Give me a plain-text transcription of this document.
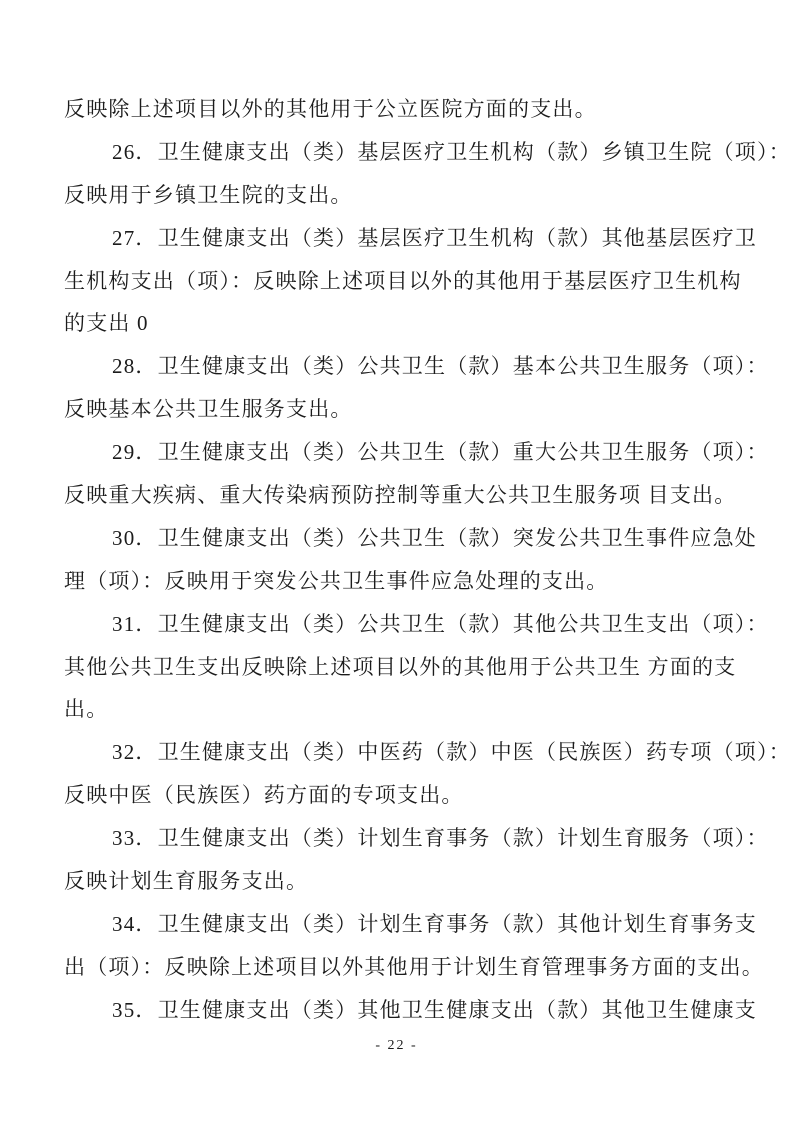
反映除上述项目以外的其他用于公立医院方面的支出。
26．卫生健康支出（类）基层医疗卫生机构（款）乡镇卫生院（项）：
反映用于乡镇卫生院的支出。
27．卫生健康支出（类）基层医疗卫生机构（款）其他基层医疗卫
生机构支出（项）：反映除上述项目以外的其他用于基层医疗卫生机构
的支出 0
28．卫生健康支出（类）公共卫生（款）基本公共卫生服务（项）：
反映基本公共卫生服务支出。
29．卫生健康支出（类）公共卫生（款）重大公共卫生服务（项）：
反映重大疾病、重大传染病预防控制等重大公共卫生服务项 目支出。
30．卫生健康支出（类）公共卫生（款）突发公共卫生事件应急处
理（项）：反映用于突发公共卫生事件应急处理的支出。
31．卫生健康支出（类）公共卫生（款）其他公共卫生支出（项）：
其他公共卫生支出反映除上述项目以外的其他用于公共卫生 方面的支
出。
32．卫生健康支出（类）中医药（款）中医（民族医）药专项（项）：
反映中医（民族医）药方面的专项支出。
33．卫生健康支出（类）计划生育事务（款）计划生育服务（项）：
反映计划生育服务支出。
34．卫生健康支出（类）计划生育事务（款）其他计划生育事务支
出（项）：反映除上述项目以外其他用于计划生育管理事务方面的支出。
35．卫生健康支出（类）其他卫生健康支出（款）其他卫生健康支
- 22 -
